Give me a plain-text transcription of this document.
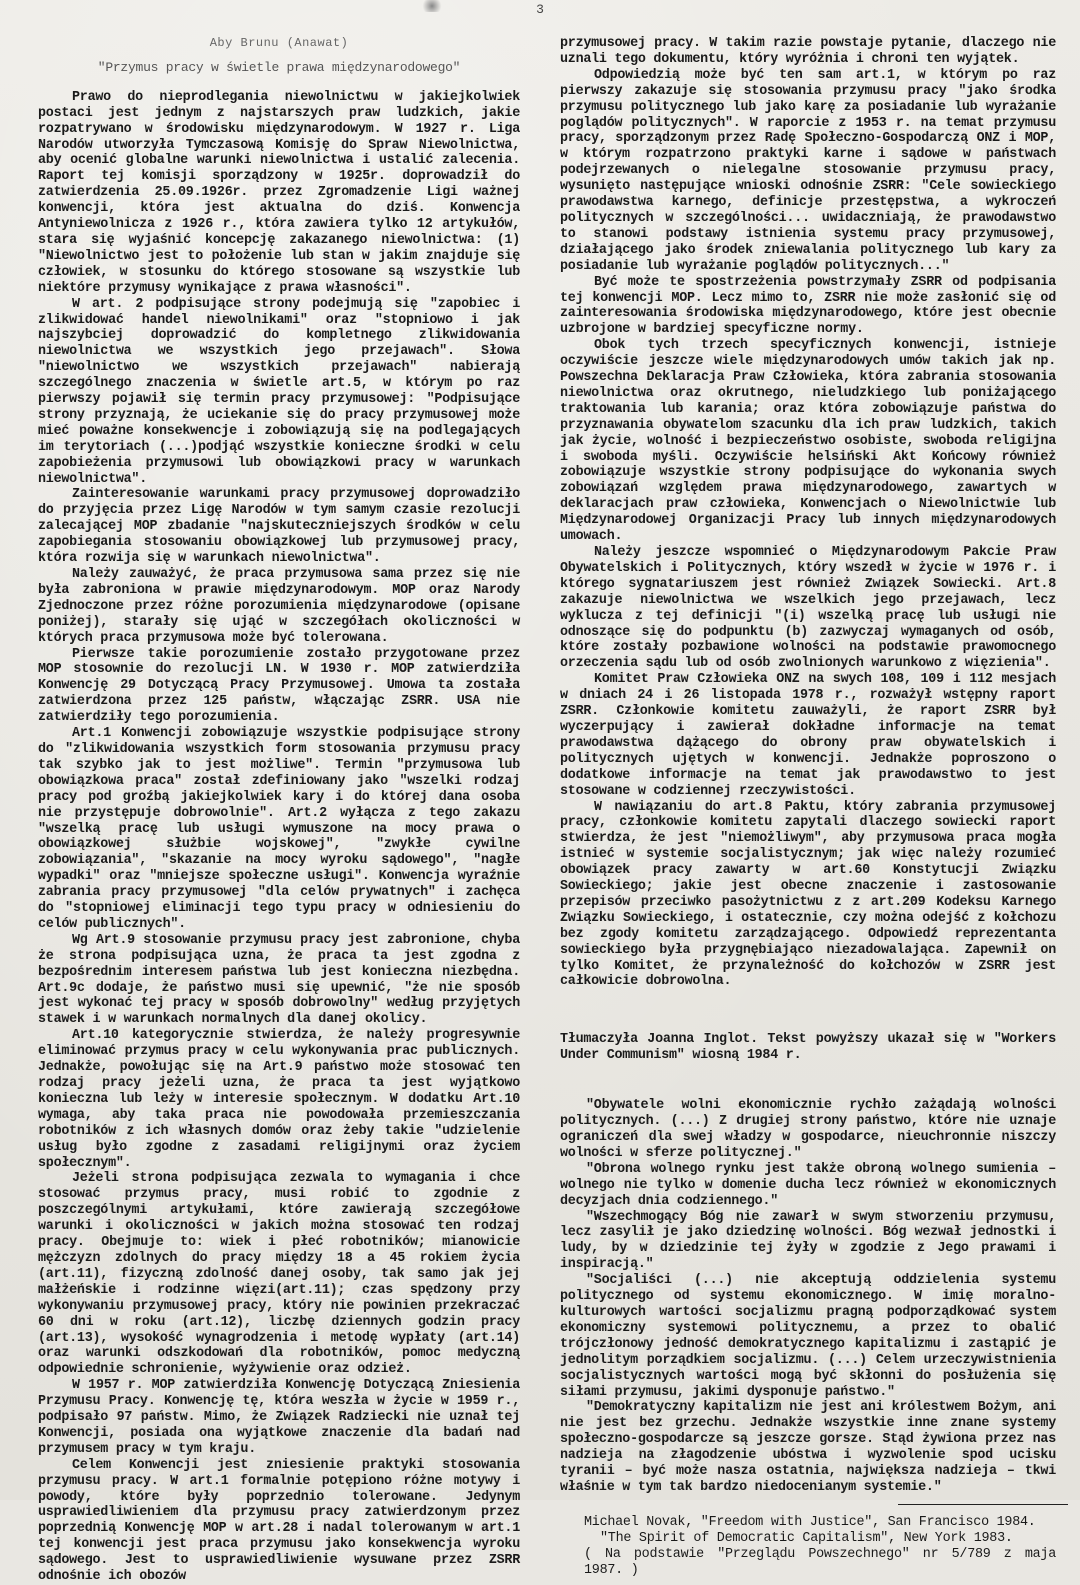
3
Aby Brunu (Anawat)
"Przymus pracy w świetle prawa międzynarodowego"

Prawo do nieprodlegania niewolnictwu w jakiejkolwiek postaci jest jednym z najstarszych praw ludzkich, jakie rozpatrywano w środowisku międzynarodowym. W 1927 r. Liga Narodów utworzyła Tymczasową Komisję do Spraw Niewolnictwa, aby ocenić globalne warunki niewolnictwa i ustalić zalecenia. Raport tej komisji sporządzony w 1925r. doprowadził do zatwierdzenia 25.09.1926r. przez Zgromadzenie Ligi ważnej konwencji, która jest aktualna do dziś. Konwencja Antyniewolnicza z 1926 r., która zawiera tylko 12 artykułów, stara się wyjaśnić koncepcję zakazanego niewolnictwa: (1) "Niewolnictwo jest to położenie lub stan w jakim znajduje się człowiek, w stosunku do którego stosowane są wszystkie lub niektóre przymusy wynikające z prawa własności".

W art. 2 podpisujące strony podejmują się "zapobiec i zlikwidować handel niewolnikami" oraz "stopniowo i jak najszybciej doprowadzić do kompletnego zlikwidowania niewolnictwa we wszystkich jego przejawach". Słowa "niewolnictwo we wszystkich przejawach" nabierają szczególnego znaczenia w świetle art.5, w którym po raz pierwszy pojawił się termin pracy przymusowej: "Podpisujące strony przyznają, że uciekanie się do pracy przymusowej może mieć poważne konsekwencje i zobowiązują się na podlegających im terytoriach (...)podjąć wszystkie konieczne środki w celu zapobieżenia przymusowi lub obowiązkowi pracy w warunkach niewolnictwa".

Zainteresowanie warunkami pracy przymusowej doprowadziło do przyjęcia przez Ligę Narodów w tym samym czasie rezolucji zalecającej MOP zbadanie "najskuteczniejszych środków w celu zapobiegania stosowaniu obowiązkowej lub przymusowej pracy, która rozwija się w warunkach niewolnictwa".

Należy zauważyć, że praca przymusowa sama przez się nie była zabroniona w prawie międzynarodowym. MOP oraz Narody Zjednoczone przez różne porozumienia międzynarodowe (opisane poniżej), starały się ująć w szczegółach okoliczności w których praca przymusowa może być tolerowana.

Pierwsze takie porozumienie zostało przygotowane przez MOP stosownie do rezolucji LN. W 1930 r. MOP zatwierdziła Konwencję 29 Dotyczącą Pracy Przymusowej. Umowa ta została zatwierdzona przez 125 państw, włączając ZSRR. USA nie zatwierdziły tego porozumienia.

Art.1 Konwencji zobowiązuje wszystkie podpisujące strony do "zlikwidowania wszystkich form stosowania przymusu pracy tak szybko jak to jest możliwe". Termin "przymusowa lub obowiązkowa praca" został zdefiniowany jako "wszelki rodzaj pracy pod groźbą jakiejkolwiek kary i do której dana osoba nie przystępuje dobrowolnie". Art.2 wyłącza z tego zakazu "wszelką pracę lub usługi wymuszone na mocy prawa o obowiązkowej służbie wojskowej", "zwykłe cywilne zobowiązania", "skazanie na mocy wyroku sądowego", "nagłe wypadki" oraz "mniejsze społeczne usługi". Konwencja wyraźnie zabrania pracy przymusowej "dla celów prywatnych" i zachęca do "stopniowej eliminacji tego typu pracy w odniesieniu do celów publicznych".

Wg Art.9 stosowanie przymusu pracy jest zabronione, chyba że strona podpisująca uzna, że praca ta jest zgodna z bezpośrednim interesem państwa lub jest konieczna niezbędna. Art.9c dodaje, że państwo musi się upewnić, "że nie sposób jest wykonać tej pracy w sposób dobrowolny" według przyjętych stawek i w warunkach normalnych dla danej okolicy.

Art.10 kategorycznie stwierdza, że należy progresywnie eliminować przymus pracy w celu wykonywania prac publicznych. Jednakże, powołując się na Art.9 państwo może stosować ten rodzaj pracy jeżeli uzna, że praca ta jest wyjątkowo konieczna lub leży w interesie społecznym. W dodatku Art.10 wymaga, aby taka praca nie powodowała przemieszczania robotników z ich własnych domów oraz żeby takie "udzielenie usług było zgodne z zasadami religijnymi oraz życiem społecznym".

Jeżeli strona podpisująca zezwala to wymagania i chce stosować przymus pracy, musi robić to zgodnie z poszczególnymi artykułami, które zawierają szczegółowe warunki i okoliczności w jakich można stosować ten rodzaj pracy. Obejmuje to: wiek i płeć robotników; mianowicie mężczyzn zdolnych do pracy między 18 a 45 rokiem życia (art.11), fizyczną zdolność danej osoby, tak samo jak jej małżeńskie i rodzinne więzi(art.11); czas spędzony przy wykonywaniu przymusowej pracy, który nie powinien przekraczać 60 dni w roku (art.12), liczbę dziennych godzin pracy (art.13), wysokość wynagrodzenia i metodę wypłaty (art.14) oraz warunki odszkodowań dla robotników, pomoc medyczną odpowiednie schronienie, wyżywienie oraz odzież.

W 1957 r. MOP zatwierdziła Konwencję Dotyczącą Zniesienia Przymusu Pracy. Konwencję tę, która weszła w życie w 1959 r., podpisało 97 państw. Mimo, że Związek Radziecki nie uznał tej Konwencji, posiada ona wyjątkowe znaczenie dla badań nad przymusem pracy w tym kraju.

Celem Konwencji jest zniesienie praktyki stosowania przymusu pracy. W art.1 formalnie potępiono różne motywy i powody, które były poprzednio tolerowane. Jedynym usprawiedliwieniem dla przymusu pracy zatwierdzonym przez poprzednią Konwencję MOP w art.28 i nadal tolerowanym w art.1 tej konwencji jest praca przymusu jako konsekwencja wyroku sądowego. Jest to usprawiedliwienie wysuwane przez ZSRR odnośnie ich obozów

przymusowej pracy. W takim razie powstaje pytanie, dlaczego nie uznali tego dokumentu, który wyróżnia i chroni ten wyjątek.

Odpowiedzią może być ten sam art.1, w którym po raz pierwszy zakazuje się stosowania przymusu pracy "jako środka przymusu politycznego lub jako karę za posiadanie lub wyrażanie poglądów politycznych". W raporcie z 1953 r. na temat przymusu pracy, sporządzonym przez Radę Społeczno-Gospodarczą ONZ i MOP, w którym rozpatrzono praktyki karne i sądowe w państwach podejrzewanych o nielegalne stosowanie przymusu pracy, wysunięto następujące wnioski odnośnie ZSRR: "Cele sowieckiego prawodawstwa karnego, definicje przestępstwa, a wykroczeń politycznych w szczególności... uwidaczniają, że prawodawstwo to stanowi podstawy istnienia systemu pracy przymusowej, działającego jako środek zniewalania politycznego lub kary za posiadanie lub wyrażanie poglądów politycznych..."

Być może te spostrzeżenia powstrzymały ZSRR od podpisania tej konwencji MOP. Lecz mimo to, ZSRR nie może zasłonić się od zainteresowania środowiska międzynarodowego, które jest obecnie uzbrojone w bardziej specyficzne normy.

Obok tych trzech specyficznych konwencji, istnieje oczywiście jeszcze wiele międzynarodowych umów takich jak np. Powszechna Deklaracja Praw Człowieka, która zabrania stosowania niewolnictwa oraz okrutnego, nieludzkiego lub poniżającego traktowania lub karania; oraz która zobowiązuje państwa do przyznawania obywatelom szacunku dla ich praw ludzkich, takich jak życie, wolność i bezpieczeństwo osobiste, swoboda religijna i swoboda myśli. Oczywiście helsiński Akt Końcowy również zobowiązuje wszystkie strony podpisujące do wykonania swych zobowiązań względem prawa międzynarodowego, zawartych w deklaracjach praw człowieka, Konwencjach o Niewolnictwie lub Międzynarodowej Organizacji Pracy lub innych międzynarodowych umowach.

Należy jeszcze wspomnieć o Międzynarodowym Pakcie Praw Obywatelskich i Politycznych, który wszedł w życie w 1976 r. i którego sygnatariuszem jest również Związek Sowiecki. Art.8 zakazuje niewolnictwa we wszelkich jego przejawach, lecz wyklucza z tej definicji "(i) wszelką pracę lub usługi nie odnoszące się do podpunktu (b) zazwyczaj wymaganych od osób, które zostały pozbawione wolności na podstawie prawomocnego orzeczenia sądu lub od osób zwolnionych warunkowo z więzienia".

Komitet Praw Człowieka ONZ na swych 108, 109 i 112 mesjach w dniach 24 i 26 listopada 1978 r., rozważył wstępny raport ZSRR. Członkowie komitetu zauważyli, że raport ZSRR był wyczerpujący i zawierał dokładne informacje na temat prawodawstwa dążącego do obrony praw obywatelskich i politycznych ujętych w konwencji. Jednakże poproszono o dodatkowe informacje na temat jak prawodawstwo to jest stosowane w codziennej rzeczywistości.

W nawiązaniu do art.8 Paktu, który zabrania przymusowej pracy, członkowie komitetu zapytali dlaczego sowiecki raport stwierdza, że jest "niemożliwym", aby przymusowa praca mogła istnieć w systemie socjalistycznym; jak więc należy rozumieć obowiązek pracy zawarty w art.60 Konstytucji Związku Sowieckiego; jakie jest obecne znaczenie i zastosowanie przepisów przeciwko pasożytnictwu z z art.209 Kodeksu Karnego Związku Sowieckiego, i ostatecznie, czy można odejść z kołchozu bez zgody komitetu zarządzającego. Odpowiedź reprezentanta sowieckiego była przygnębiająco niezadowalająca. Zapewnił on tylko Komitet, że przynależność do kołchozów w ZSRR jest całkowicie dobrowolna.

Tłumaczyła Joanna Inglot. Tekst powyższy ukazał się w "Workers Under Communism" wiosną 1984 r.

"Obywatele wolni ekonomicznie rychło zażądają wolności politycznych. (...) Z drugiej strony państwo, które nie uznaje ograniczeń dla swej władzy w gospodarce, nieuchronnie niszczy wolności w sferze politycznej."

"Obrona wolnego rynku jest także obroną wolnego sumienia – wolnego nie tylko w domenie ducha lecz również w ekonomicznych decyzjach dnia codziennego."

"Wszechmogący Bóg nie zawarł w swym stworzeniu przymusu, lecz zasylił je jako dziedzinę wolności. Bóg wezwał jednostki i ludy, by w dziedzinie tej żyły w zgodzie z Jego prawami i inspiracją."

"Socjaliści (...) nie akceptują oddzielenia systemu politycznego od systemu ekonomicznego. W imię moralno-kulturowych wartości socjalizmu pragną podporządkować system ekonomiczny systemowi politycznemu, a przez to obalić trójczłonowy jedność demokratycznego kapitalizmu i zastąpić je jednolitym porządkiem socjalizmu. (...) Celem urzeczywistnienia socjalistycznych wartości mogą być skłonni do posłużenia się siłami przymusu, jakimi dysponuje państwo."

"Demokratyczny kapitalizm nie jest ani królestwem Bożym, ani nie jest bez grzechu. Jednakże wszystkie inne znane systemy społeczno-gospodarcze są jeszcze gorsze. Stąd żywiona przez nas nadzieja na złagodzenie ubóstwa i wyzwolenie spod ucisku tyranii – być może nasza ostatnia, największa nadzieja – tkwi właśnie w tym tak bardzo niedocenianym systemie."

Michael Novak, "Freedom with Justice", San Francisco 1984.

"The Spirit of Democratic Capitalism", New York 1983.

( Na podstawie "Przeglądu Powszechnego" nr 5/789 z maja 1987. )
